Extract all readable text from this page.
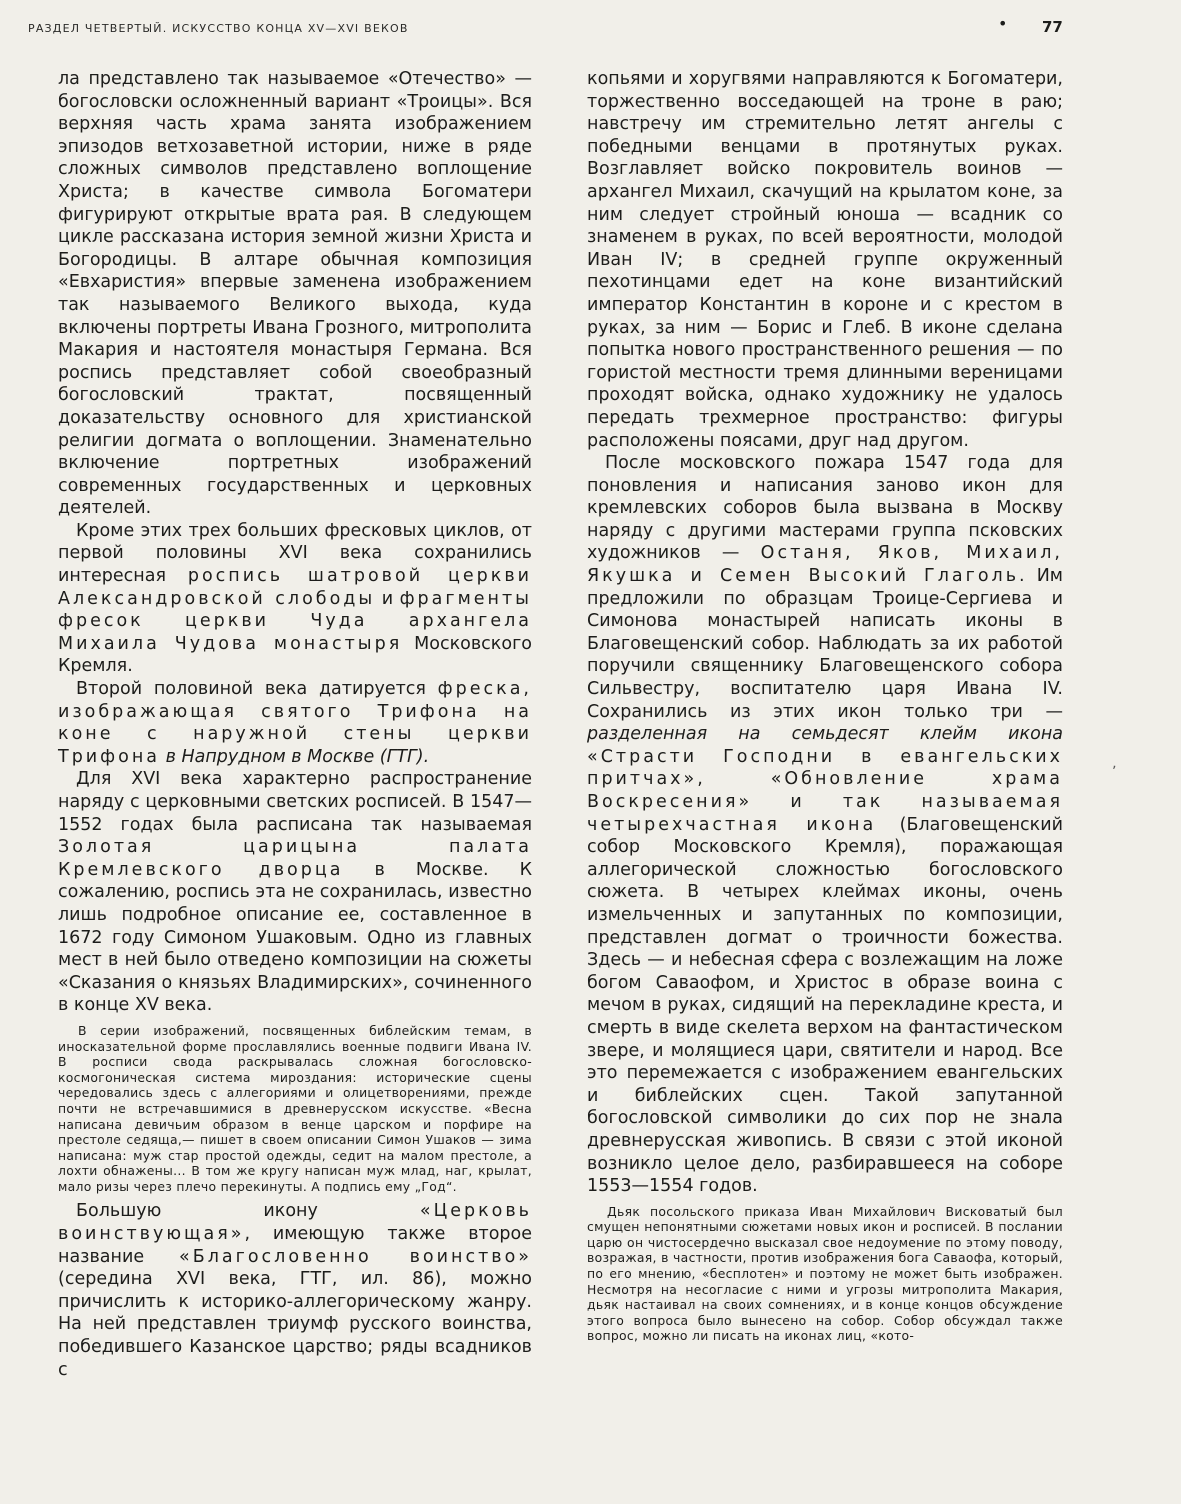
РАЗДЕЛ ЧЕТВЕРТЫЙ. ИСКУССТВО КОНЦА XV—XVI ВЕКОВ	• 77

ла представлено так называемое «Отечество» — богословски осложненный вариант «Троицы». Вся верхняя часть храма занята изображением эпизодов ветхозаветной истории, ниже в ряде сложных символов представлено воплощение Христа; в качестве символа Богоматери фигурируют открытые врата рая. В следующем цикле рассказана история земной жизни Христа и Богородицы. В алтаре обычная композиция «Евхаристия» впервые заменена изображением так называемого Великого выхода, куда включены портреты Ивана Грозного, митрополита Макария и настоятеля монастыря Германа. Вся роспись представляет собой своеобразный богословский трактат, посвященный доказательству основного для христианской религии догмата о воплощении. Знаменательно включение портретных изображений современных государственных и церковных деятелей.

Кроме этих трех больших фресковых циклов, от первой половины XVI века сохранились интересная роспись шатровой церкви Александровской слободы и фрагменты фресок церкви Чуда архангела Михаила Чудова монастыря Московского Кремля.

Второй половиной века датируется фреска, изображающая святого Трифона на коне с наружной стены церкви Трифона в Напрудном в Москве (ГТГ).

Для XVI века характерно распространение наряду с церковными светских росписей. В 1547—1552 годах была расписана так называемая Золотая царицына палата Кремлевского дворца в Москве. К сожалению, роспись эта не сохранилась, известно лишь подробное описание ее, составленное в 1672 году Симоном Ушаковым. Одно из главных мест в ней было отведено композиции на сюжеты «Сказания о князьях Владимирских», сочиненного в конце XV века.

В серии изображений, посвященных библейским темам, в иносказательной форме прославлялись военные подвиги Ивана IV. В росписи свода раскрывалась сложная богословско-космогоническая система мироздания: исторические сцены чередовались здесь с аллегориями и олицетворениями, прежде почти не встречавшимися в древнерусском искусстве. «Весна написана девичьим образом в венце царском и порфире на престоле седяща,— пишет в своем описании Симон Ушаков — зима написана: муж стар простой одежды, седит на малом престоле, а лохти обнажены... В том же кругу написан муж млад, наг, крылат, мало ризы через плечо перекинуты. А подпись ему „Год“.

Большую икону «Церковь воинствующая», имеющую также второе название «Благословенно воинство» (середина XVI века, ГТГ, ил. 86), можно причислить к историко-аллегорическому жанру. На ней представлен триумф русского воинства, победившего Казанское царство; ряды всадников с

копьями и хоругвями направляются к Богоматери, торжественно восседающей на троне в раю; навстречу им стремительно летят ангелы с победными венцами в протянутых руках. Возглавляет войско покровитель воинов — архангел Михаил, скачущий на крылатом коне, за ним следует стройный юноша — всадник со знаменем в руках, по всей вероятности, молодой Иван IV; в средней группе окруженный пехотинцами едет на коне византийский император Константин в короне и с крестом в руках, за ним — Борис и Глеб. В иконе сделана попытка нового пространственного решения — по гористой местности тремя длинными вереницами проходят войска, однако художнику не удалось передать трехмерное пространство: фигуры расположены поясами, друг над другом.

После московского пожара 1547 года для поновления и написания заново икон для кремлевских соборов была вызвана в Москву наряду с другими мастерами группа псковских художников — Останя, Яков, Михаил, Якушка и Семен Высокий Глаголь. Им предложили по образцам Троице-Сергиева и Симонова монастырей написать иконы в Благовещенский собор. Наблюдать за их работой поручили священнику Благовещенского собора Сильвестру, воспитателю царя Ивана IV. Сохранились из этих икон только три — разделенная на семьдесят клейм икона «Страсти Господни в евангельских притчах», «Обновление храма Воскресения» и так называемая четырехчастная икона (Благовещенский собор Московского Кремля), поражающая аллегорической сложностью богословского сюжета. В четырех клеймах иконы, очень измельченных и запутанных по композиции, представлен догмат о троичности божества. Здесь — и небесная сфера с возлежащим на ложе богом Саваофом, и Христос в образе воина с мечом в руках, сидящий на перекладине креста, и смерть в виде скелета верхом на фантастическом звере, и молящиеся цари, святители и народ. Все это перемежается с изображением евангельских и библейских сцен. Такой запутанной богословской символики до сих пор не знала древнерусская живопись. В связи с этой иконой возникло целое дело, разбиравшееся на соборе 1553—1554 годов.

Дьяк посольского приказа Иван Михайлович Висковатый был смущен непонятными сюжетами новых икон и росписей. В послании царю он чистосердечно высказал свое недоумение по этому поводу, возражая, в частности, против изображения бога Саваофа, который, по его мнению, «бесплотен» и поэтому не может быть изображен. Несмотря на несогласие с ними и угрозы митрополита Макария, дьяк настаивал на своих сомнениях, и в конце концов обсуждение этого вопроса было вынесено на собор. Собор обсуждал также вопрос, можно ли писать на иконах лиц, «кото-

ʼ
